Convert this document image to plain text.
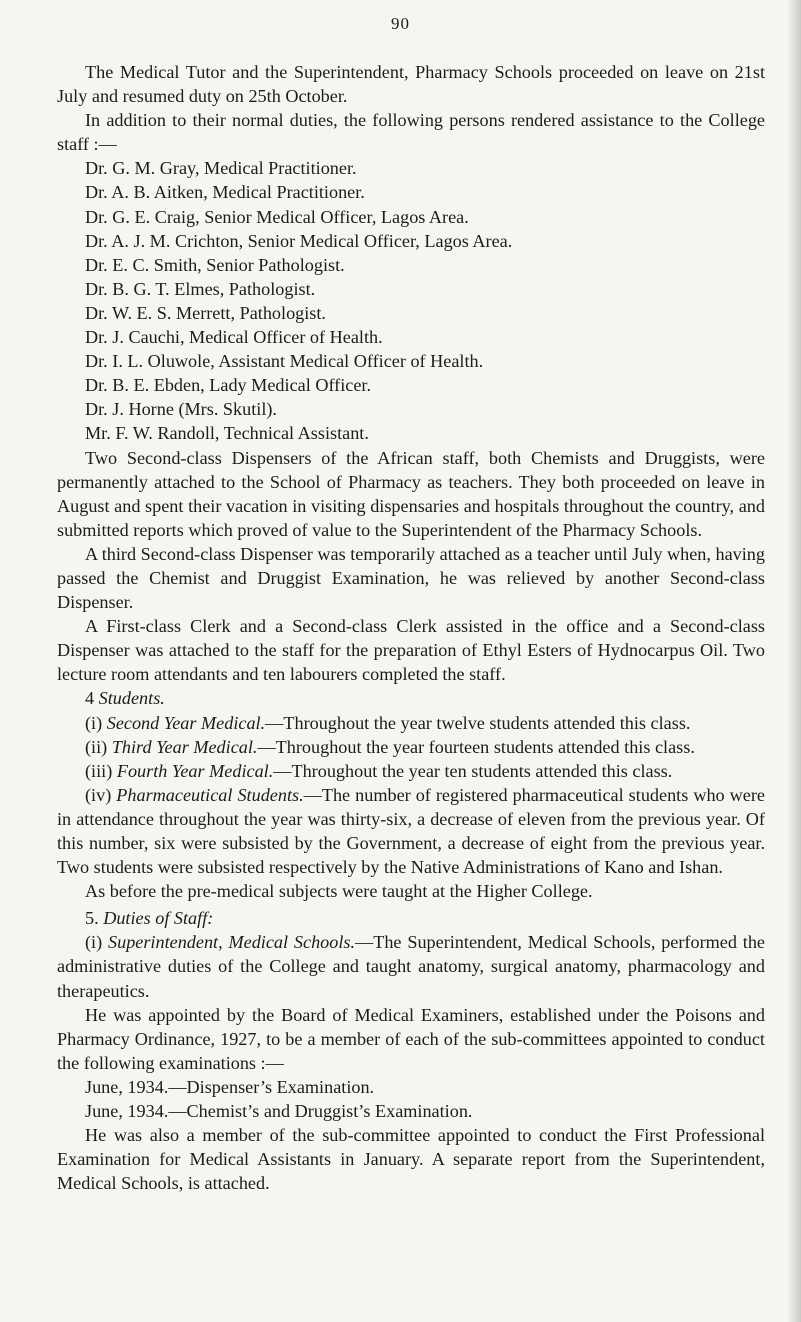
90

The Medical Tutor and the Superintendent, Pharmacy Schools proceeded on leave on 21st July and resumed duty on 25th October.

In addition to their normal duties, the following persons rendered assistance to the College staff :—

Dr. G. M. Gray, Medical Practitioner.
Dr. A. B. Aitken, Medical Practitioner.
Dr. G. E. Craig, Senior Medical Officer, Lagos Area.
Dr. A. J. M. Crichton, Senior Medical Officer, Lagos Area.
Dr. E. C. Smith, Senior Pathologist.
Dr. B. G. T. Elmes, Pathologist.
Dr. W. E. S. Merrett, Pathologist.
Dr. J. Cauchi, Medical Officer of Health.
Dr. I. L. Oluwole, Assistant Medical Officer of Health.
Dr. B. E. Ebden, Lady Medical Officer.
Dr. J. Horne (Mrs. Skutil).
Mr. F. W. Randoll, Technical Assistant.

Two Second-class Dispensers of the African staff, both Chemists and Druggists, were permanently attached to the School of Pharmacy as teachers. They both proceeded on leave in August and spent their vacation in visiting dispensaries and hospitals throughout the country, and submitted reports which proved of value to the Superintendent of the Pharmacy Schools.

A third Second-class Dispenser was temporarily attached as a teacher until July when, having passed the Chemist and Druggist Examination, he was relieved by another Second-class Dispenser.

A First-class Clerk and a Second-class Clerk assisted in the office and a Second-class Dispenser was attached to the staff for the preparation of Ethyl Esters of Hydnocarpus Oil. Two lecture room attendants and ten labourers completed the staff.

4 Students.

(i) Second Year Medical.—Throughout the year twelve students attended this class.

(ii) Third Year Medical.—Throughout the year fourteen students attended this class.

(iii) Fourth Year Medical.—Throughout the year ten students attended this class.

(iv) Pharmaceutical Students.—The number of registered pharmaceutical students who were in attendance throughout the year was thirty-six, a decrease of eleven from the previous year. Of this number, six were subsisted by the Government, a decrease of eight from the previous year. Two students were subsisted respectively by the Native Administrations of Kano and Ishan.

As before the pre-medical subjects were taught at the Higher College.

5. Duties of Staff:

(i) Superintendent, Medical Schools.—The Superintendent, Medical Schools, performed the administrative duties of the College and taught anatomy, surgical anatomy, pharmacology and therapeutics.

He was appointed by the Board of Medical Examiners, established under the Poisons and Pharmacy Ordinance, 1927, to be a member of each of the sub-committees appointed to conduct the following examinations :—

June, 1934.—Dispenser’s Examination.
June, 1934.—Chemist’s and Druggist’s Examination.

He was also a member of the sub-committee appointed to conduct the First Professional Examination for Medical Assistants in January. A separate report from the Superintendent, Medical Schools, is attached.
